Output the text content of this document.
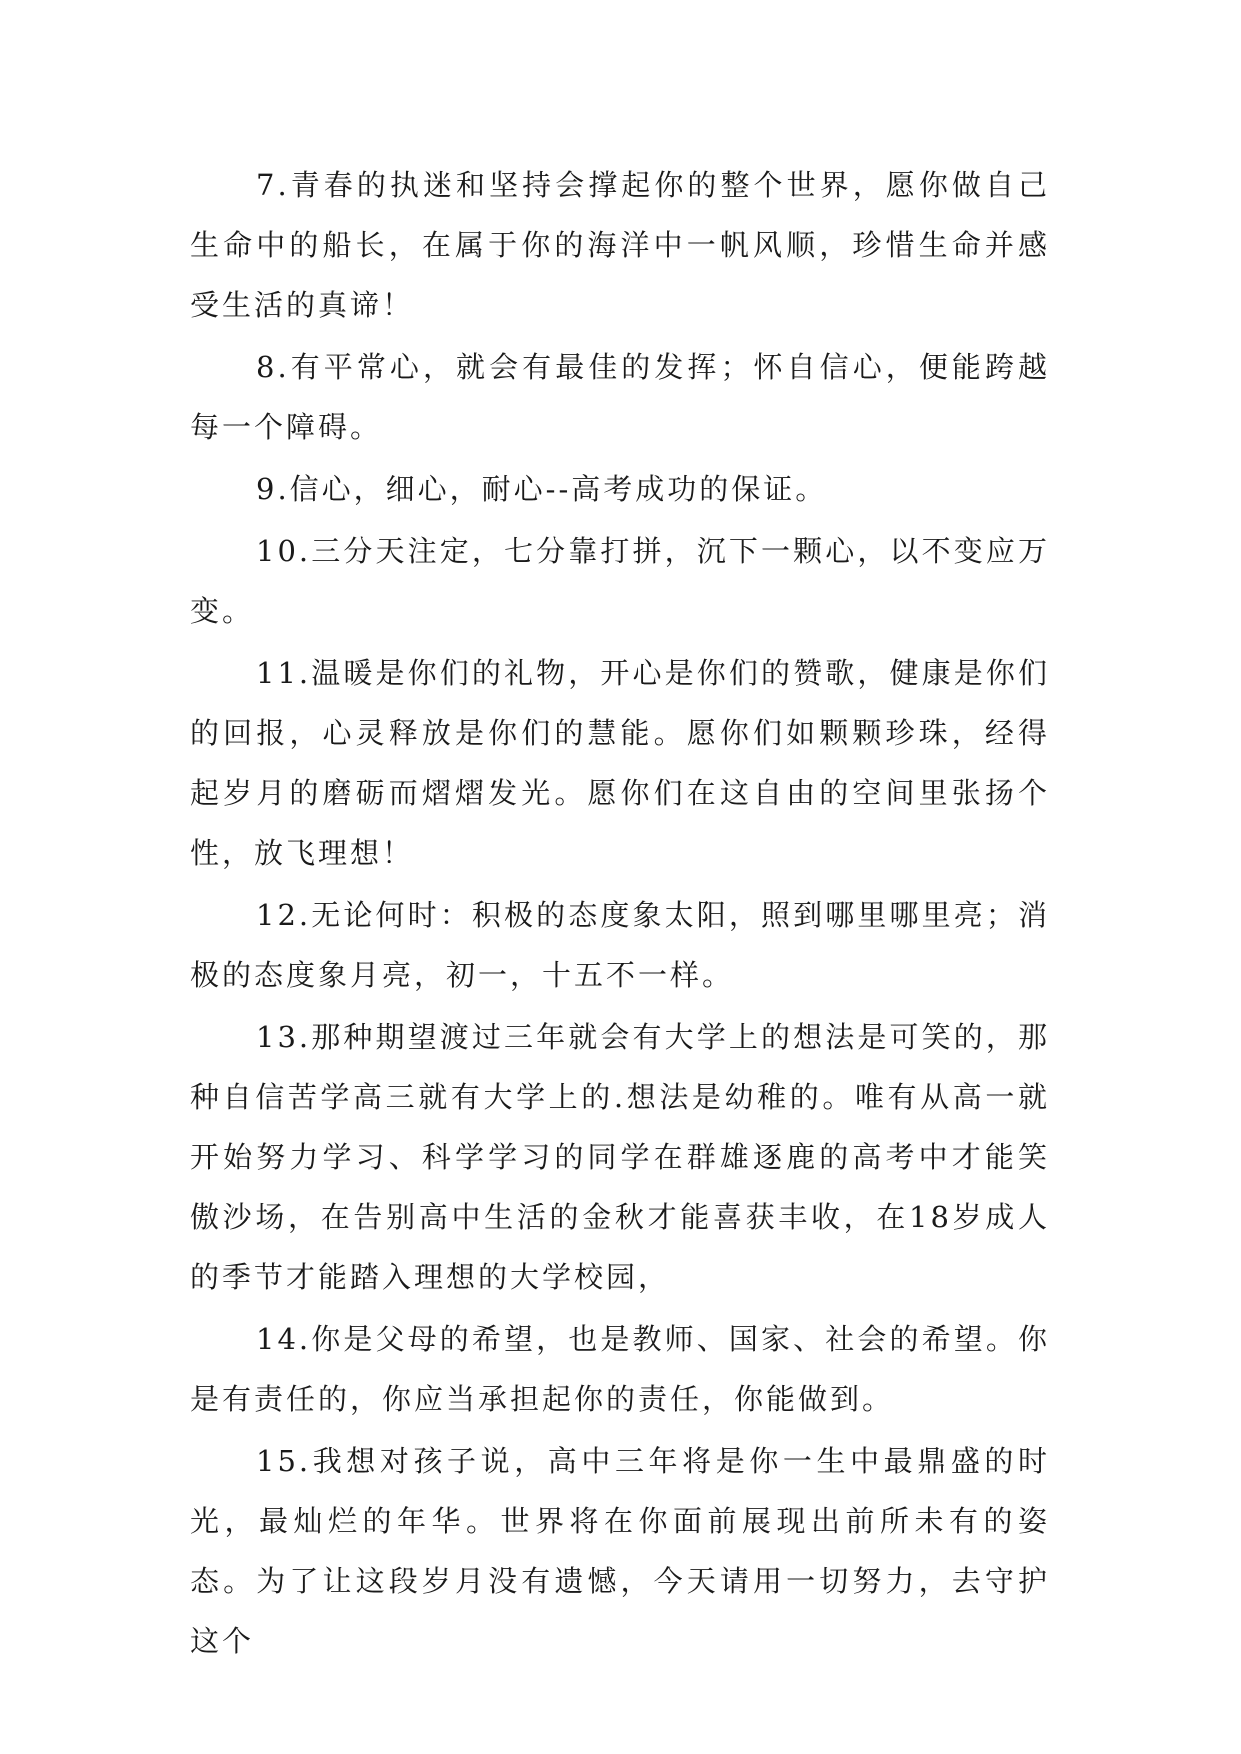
7.青春的执迷和坚持会撑起你的整个世界，愿你做自己生命中的船长，在属于你的海洋中一帆风顺，珍惜生命并感受生活的真谛！

8.有平常心，就会有最佳的发挥；怀自信心，便能跨越每一个障碍。

9.信心，细心，耐心--高考成功的保证。

10.三分天注定，七分靠打拼，沉下一颗心，以不变应万变。

11.温暖是你们的礼物，开心是你们的赞歌，健康是你们的回报，心灵释放是你们的慧能。愿你们如颗颗珍珠，经得起岁月的磨砺而熠熠发光。愿你们在这自由的空间里张扬个性，放飞理想！

12.无论何时：积极的态度象太阳，照到哪里哪里亮；消极的态度象月亮，初一，十五不一样。

13.那种期望渡过三年就会有大学上的想法是可笑的，那种自信苦学高三就有大学上的.想法是幼稚的。唯有从高一就开始努力学习、科学学习的同学在群雄逐鹿的高考中才能笑傲沙场，在告别高中生活的金秋才能喜获丰收，在18岁成人的季节才能踏入理想的大学校园，

14.你是父母的希望，也是教师、国家、社会的希望。你是有责任的，你应当承担起你的责任，你能做到。

15.我想对孩子说，高中三年将是你一生中最鼎盛的时光，最灿烂的年华。世界将在你面前展现出前所未有的姿态。为了让这段岁月没有遗憾，今天请用一切努力，去守护这个
